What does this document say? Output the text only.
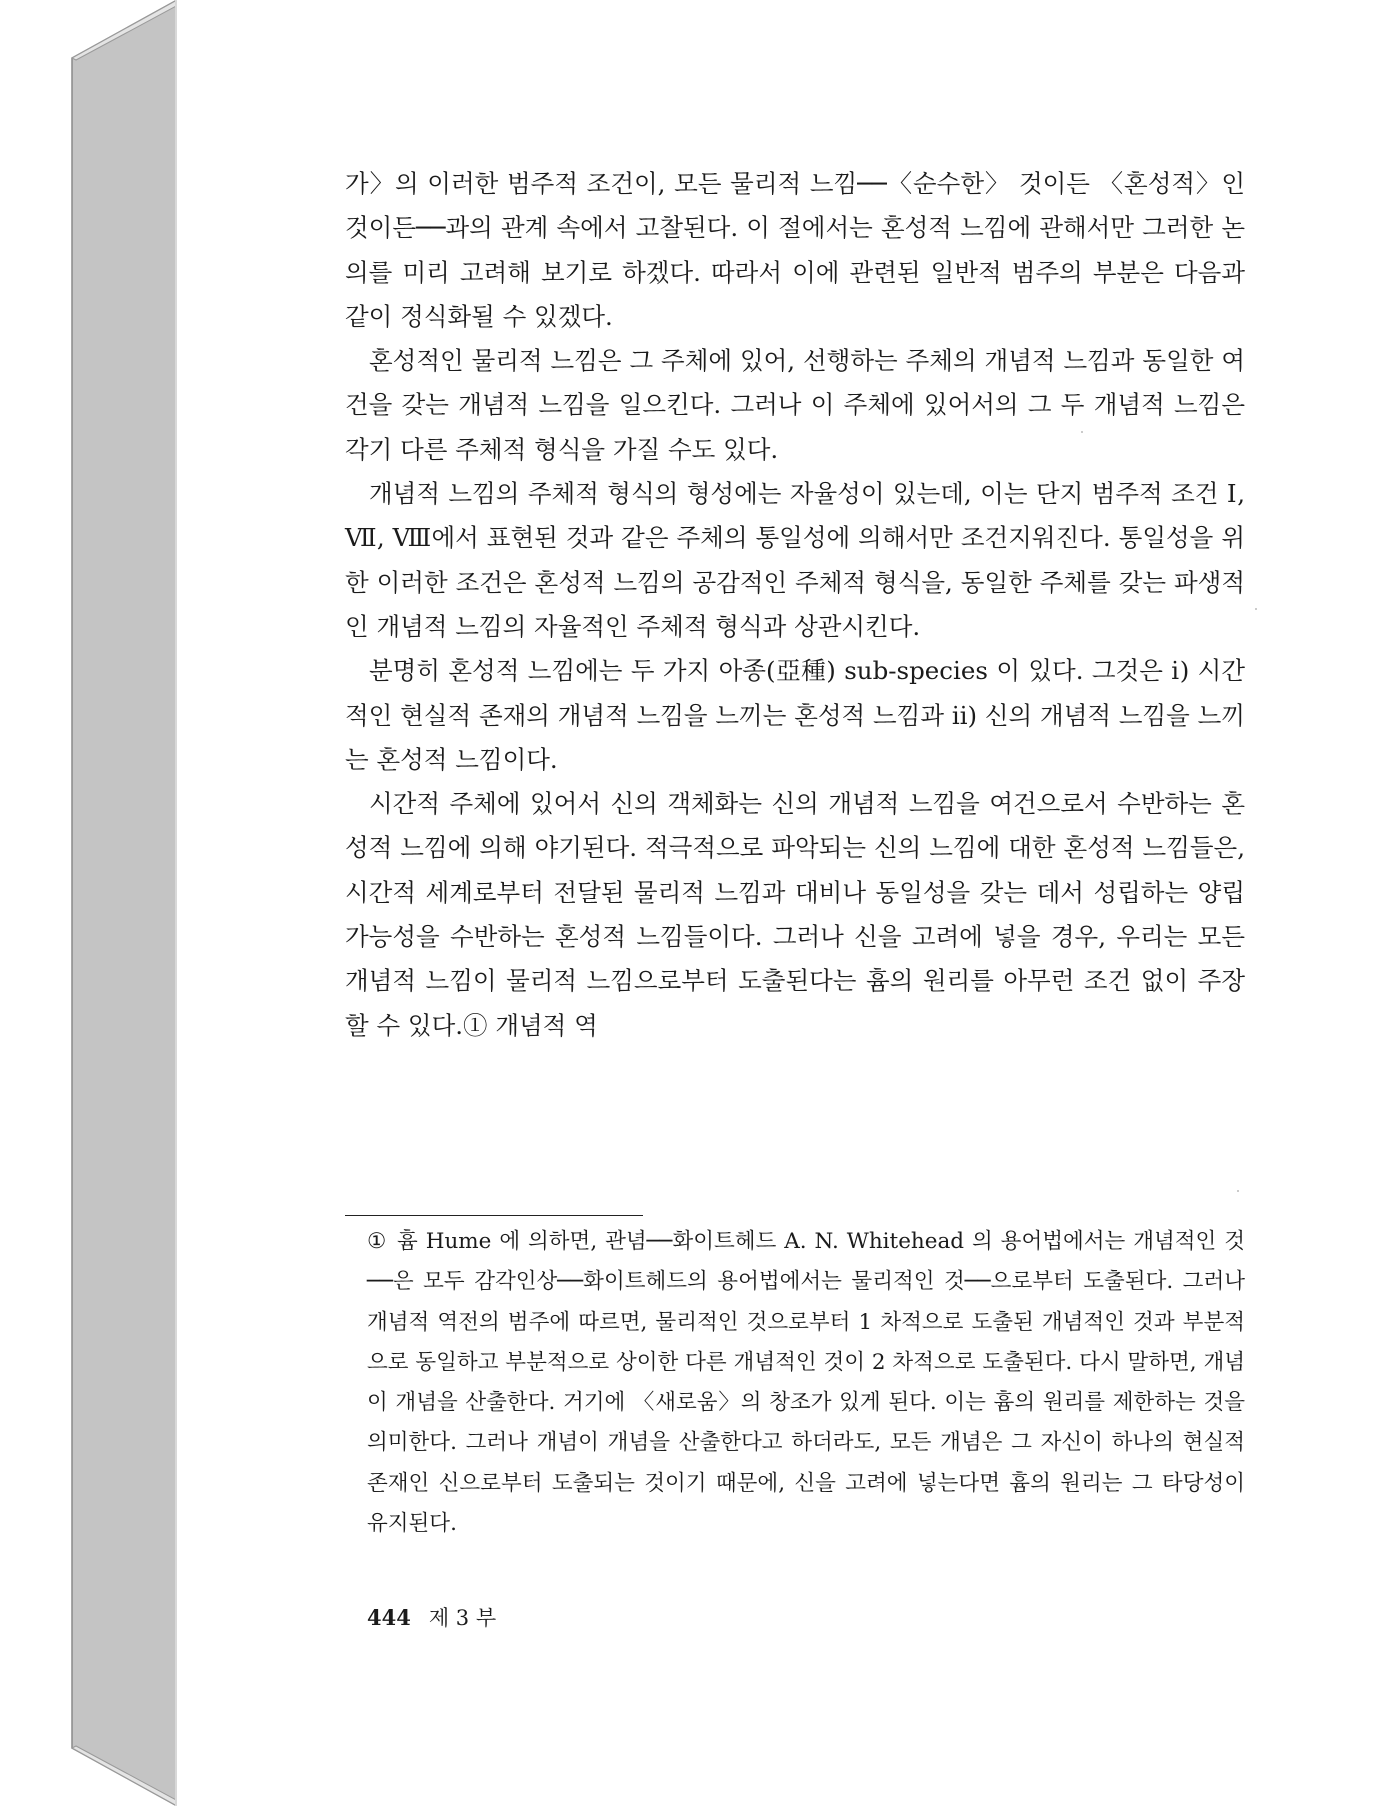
가〉의 이러한 범주적 조건이, 모든 물리적 느낌──〈순수한〉 것이든 〈혼성적〉인 것이든──과의 관계 속에서 고찰된다. 이 절에서는 혼성적 느낌에 관해서만 그러한 논의를 미리 고려해 보기로 하겠다. 따라서 이에 관련된 일반적 범주의 부분은 다음과 같이 정식화될 수 있겠다.

혼성적인 물리적 느낌은 그 주체에 있어, 선행하는 주체의 개념적 느낌과 동일한 여건을 갖는 개념적 느낌을 일으킨다. 그러나 이 주체에 있어서의 그 두 개념적 느낌은 각기 다른 주체적 형식을 가질 수도 있다.

개념적 느낌의 주체적 형식의 형성에는 자율성이 있는데, 이는 단지 범주적 조건 Ⅰ, Ⅶ, Ⅷ에서 표현된 것과 같은 주체의 통일성에 의해서만 조건지워진다. 통일성을 위한 이러한 조건은 혼성적 느낌의 공감적인 주체적 형식을, 동일한 주체를 갖는 파생적인 개념적 느낌의 자율적인 주체적 형식과 상관시킨다.

분명히 혼성적 느낌에는 두 가지 아종(亞種) sub-species 이 있다. 그것은 ⅰ) 시간적인 현실적 존재의 개념적 느낌을 느끼는 혼성적 느낌과 ⅱ) 신의 개념적 느낌을 느끼는 혼성적 느낌이다.

시간적 주체에 있어서 신의 객체화는 신의 개념적 느낌을 여건으로서 수반하는 혼성적 느낌에 의해 야기된다. 적극적으로 파악되는 신의 느낌에 대한 혼성적 느낌들은, 시간적 세계로부터 전달된 물리적 느낌과 대비나 동일성을 갖는 데서 성립하는 양립 가능성을 수반하는 혼성적 느낌들이다. 그러나 신을 고려에 넣을 경우, 우리는 모든 개념적 느낌이 물리적 느낌으로부터 도출된다는 흄의 원리를 아무런 조건 없이 주장할 수 있다.① 개념적 역

① 흄 Hume 에 의하면, 관념──화이트헤드 A. N. Whitehead 의 용어법에서는 개념적인 것──은 모두 감각인상──화이트헤드의 용어법에서는 물리적인 것──으로부터 도출된다. 그러나 개념적 역전의 범주에 따르면, 물리적인 것으로부터 1 차적으로 도출된 개념적인 것과 부분적으로 동일하고 부분적으로 상이한 다른 개념적인 것이 2 차적으로 도출된다. 다시 말하면, 개념이 개념을 산출한다. 거기에 〈새로움〉의 창조가 있게 된다. 이는 흄의 원리를 제한하는 것을 의미한다. 그러나 개념이 개념을 산출한다고 하더라도, 모든 개념은 그 자신이 하나의 현실적 존재인 신으로부터 도출되는 것이기 때문에, 신을 고려에 넣는다면 흄의 원리는 그 타당성이 유지된다.
444 제 3 부
